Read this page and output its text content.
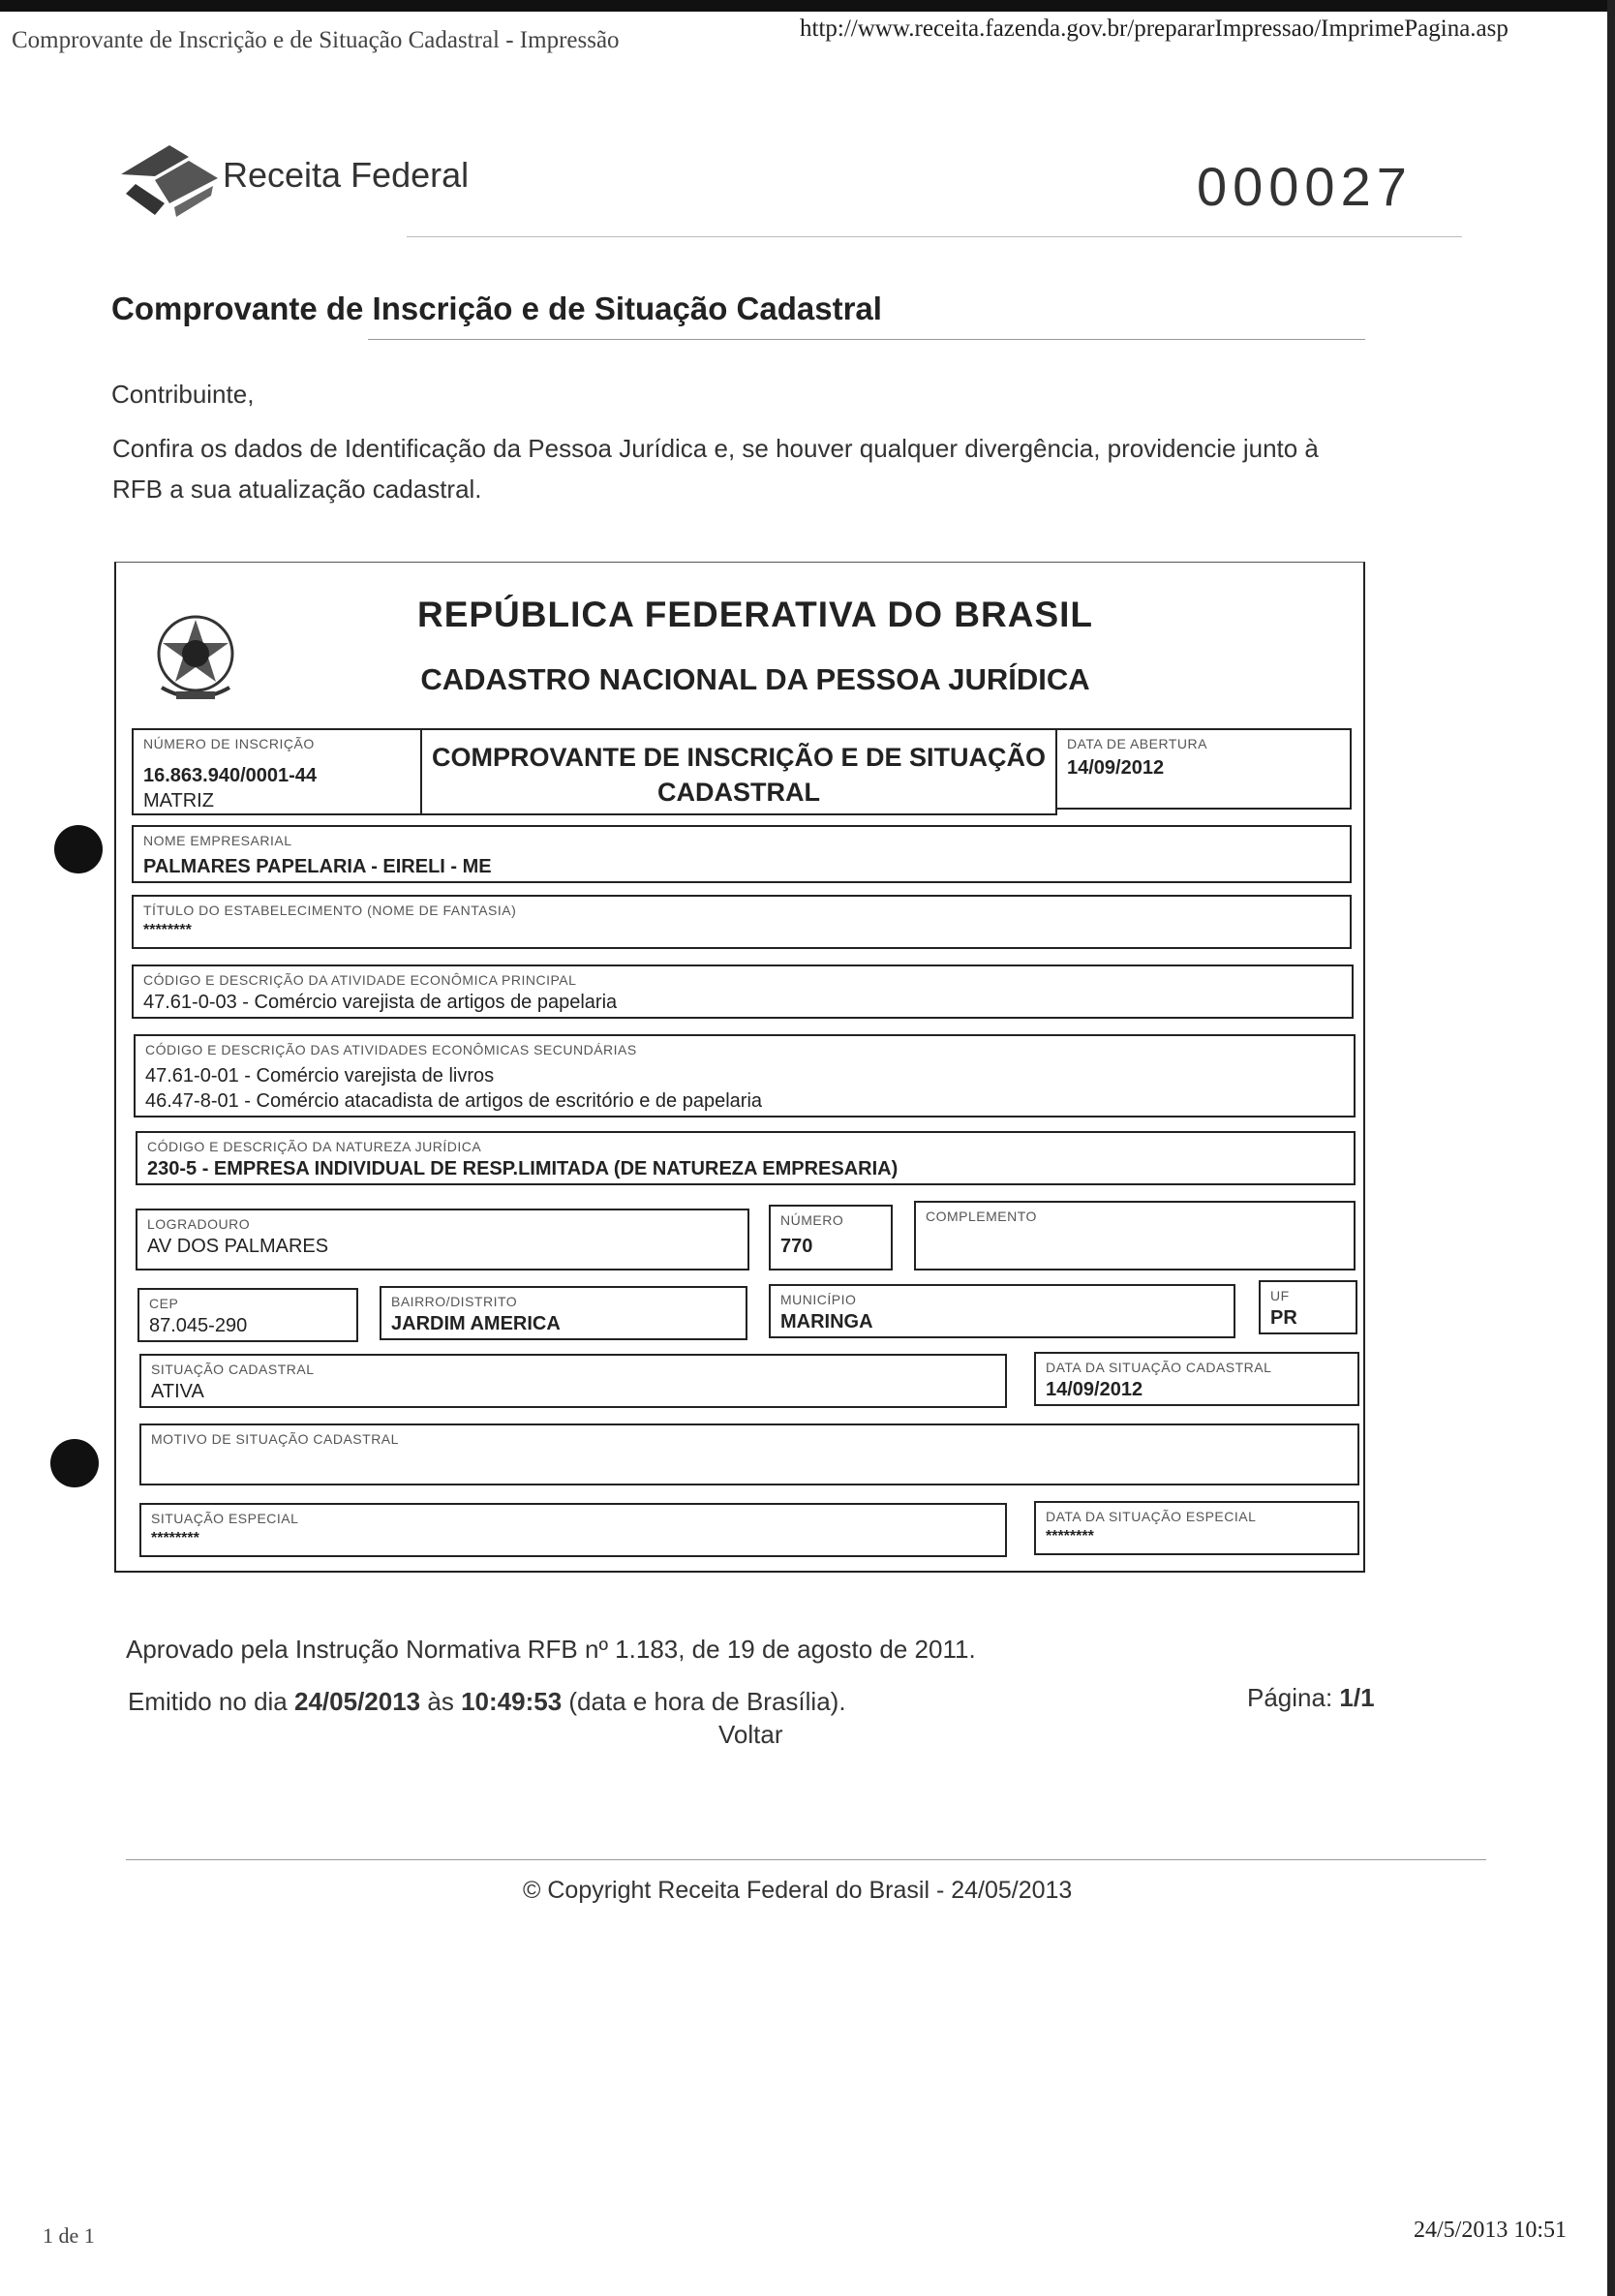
Comprovante de Inscrição e de Situação Cadastral - Impressão	http://www.receita.fazenda.gov.br/prepararImpressao/ImprimePagina.asp
Receita Federal	000027
Comprovante de Inscrição e de Situação Cadastral
Contribuinte,
Confira os dados de Identificação da Pessoa Jurídica e, se houver qualquer divergência, providencie junto à RFB a sua atualização cadastral.
REPÚBLICA FEDERATIVA DO BRASIL
CADASTRO NACIONAL DA PESSOA JURÍDICA
NÚMERO DE INSCRIÇÃO
16.863.940/0001-44
MATRIZ
COMPROVANTE DE INSCRIÇÃO E DE SITUAÇÃO CADASTRAL
DATA DE ABERTURA
14/09/2012
NOME EMPRESARIAL
PALMARES PAPELARIA - EIRELI - ME
TÍTULO DO ESTABELECIMENTO (NOME DE FANTASIA)
********
CÓDIGO E DESCRIÇÃO DA ATIVIDADE ECONÔMICA PRINCIPAL
47.61-0-03 - Comércio varejista de artigos de papelaria
CÓDIGO E DESCRIÇÃO DAS ATIVIDADES ECONÔMICAS SECUNDÁRIAS
47.61-0-01 - Comércio varejista de livros
46.47-8-01 - Comércio atacadista de artigos de escritório e de papelaria
CÓDIGO E DESCRIÇÃO DA NATUREZA JURÍDICA
230-5 - EMPRESA INDIVIDUAL DE RESP.LIMITADA (DE NATUREZA EMPRESARIA)
LOGRADOURO
AV DOS PALMARES
NÚMERO
770
COMPLEMENTO
CEP
87.045-290
BAIRRO/DISTRITO
JARDIM AMERICA
MUNICÍPIO
MARINGA
UF
PR
SITUAÇÃO CADASTRAL
ATIVA
DATA DA SITUAÇÃO CADASTRAL
14/09/2012
MOTIVO DE SITUAÇÃO CADASTRAL
SITUAÇÃO ESPECIAL
********
DATA DA SITUAÇÃO ESPECIAL
********
Aprovado pela Instrução Normativa RFB nº 1.183, de 19 de agosto de 2011.
Emitido no dia 24/05/2013 às 10:49:53 (data e hora de Brasília).	Página: 1/1
Voltar
© Copyright Receita Federal do Brasil - 24/05/2013
1 de 1	24/5/2013 10:51
